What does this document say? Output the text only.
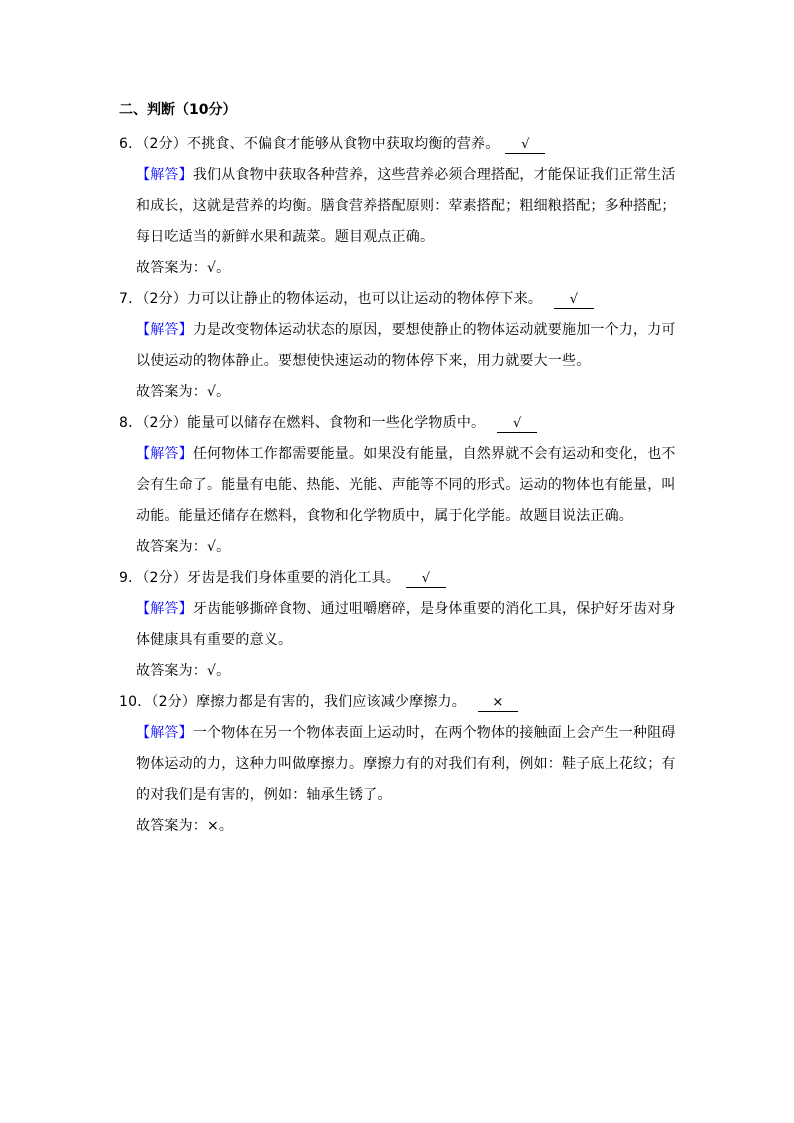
二、判断（10分）
6．（2分）不挑食、不偏食才能够从食物中获取均衡的营养。 √
【解答】我们从食物中获取各种营养，这些营养必须合理搭配，才能保证我们正常生活
和成长，这就是营养的均衡。膳食营养搭配原则：荤素搭配；粗细粮搭配；多种搭配；
每日吃适当的新鲜水果和蔬菜。题目观点正确。
故答案为：√。
7．（2分）力可以让静止的物体运动，也可以让运动的物体停下来。 √
【解答】力是改变物体运动状态的原因，要想使静止的物体运动就要施加一个力，力可
以使运动的物体静止。要想使快速运动的物体停下来，用力就要大一些。
故答案为：√。
8．（2分）能量可以储存在燃料、食物和一些化学物质中。 √
【解答】任何物体工作都需要能量。如果没有能量，自然界就不会有运动和变化，也不
会有生命了。能量有电能、热能、光能、声能等不同的形式。运动的物体也有能量，叫
动能。能量还储存在燃料，食物和化学物质中，属于化学能。故题目说法正确。
故答案为：√。
9．（2分）牙齿是我们身体重要的消化工具。 √
【解答】牙齿能够撕碎食物、通过咀嚼磨碎，是身体重要的消化工具，保护好牙齿对身
体健康具有重要的意义。
故答案为：√。
10．（2分）摩擦力都是有害的，我们应该减少摩擦力。 ×
【解答】一个物体在另一个物体表面上运动时，在两个物体的接触面上会产生一种阻碍
物体运动的力，这种力叫做摩擦力。摩擦力有的对我们有利，例如：鞋子底上花纹；有
的对我们是有害的，例如：轴承生锈了。
故答案为：×。
